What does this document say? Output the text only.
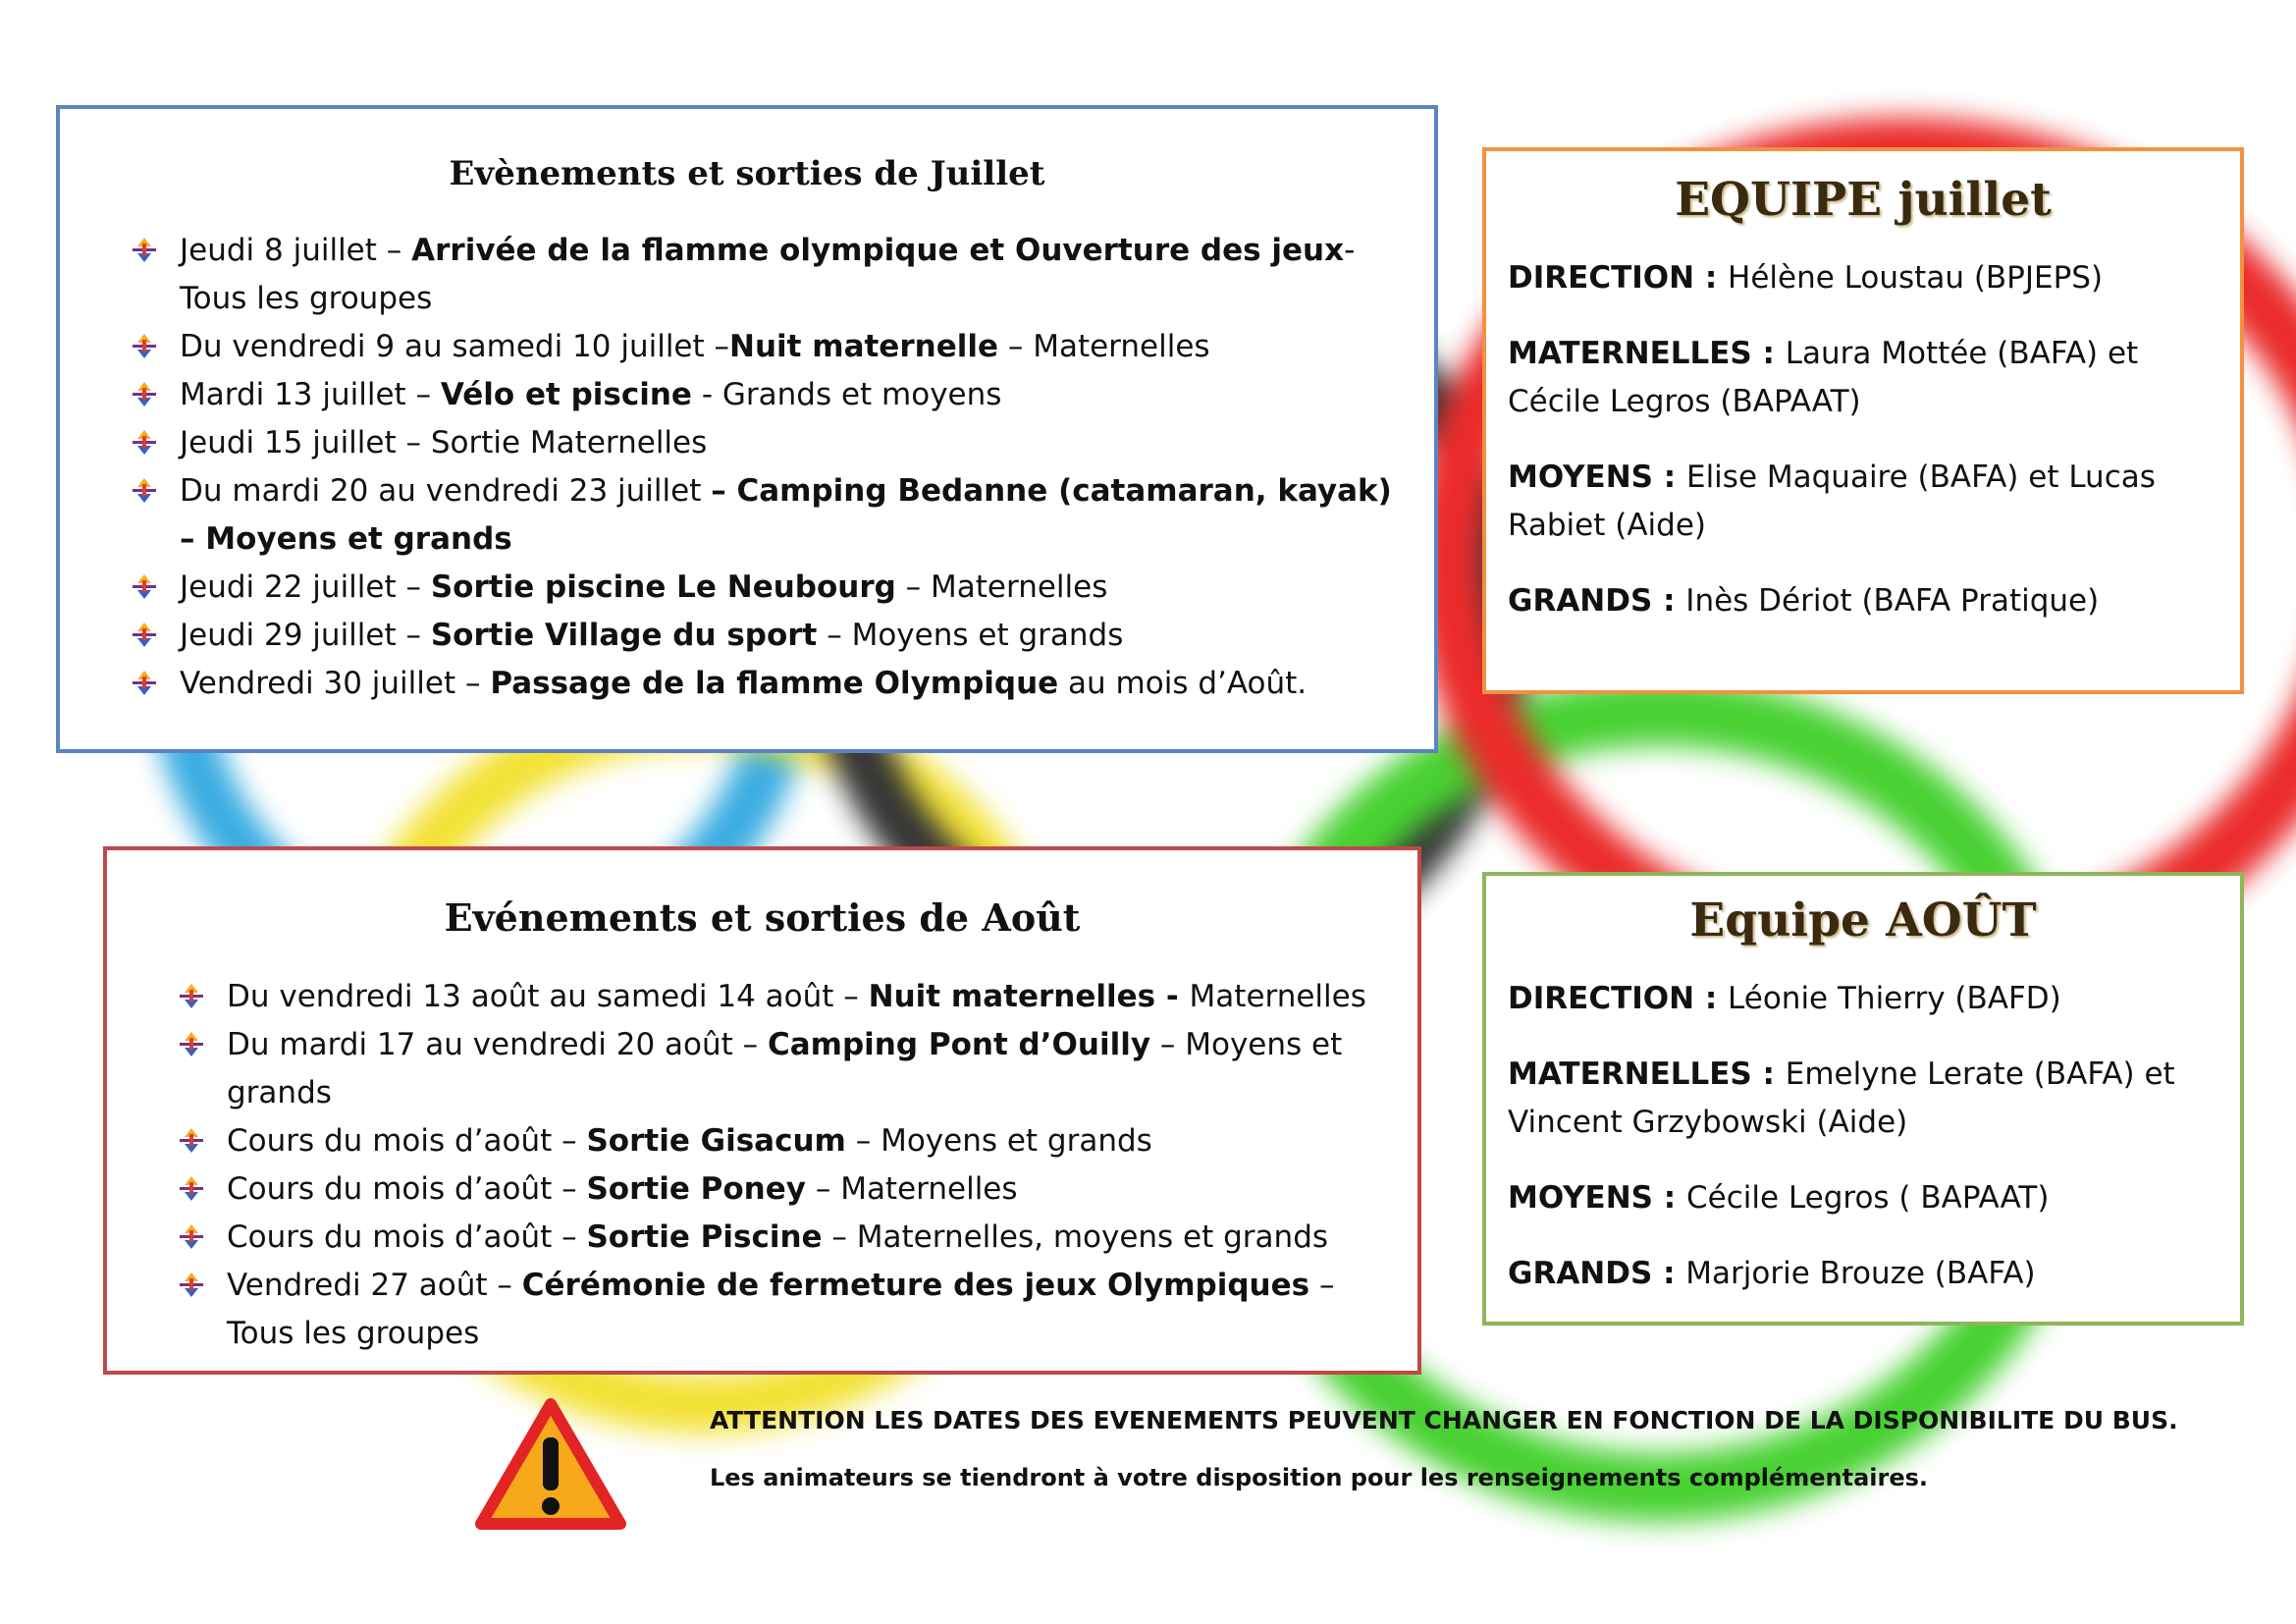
Evènements et sorties de Juillet
Jeudi 8 juillet – Arrivée de la flamme olympique et Ouverture des jeux- Tous les groupes
Du vendredi 9 au samedi 10 juillet –Nuit maternelle – Maternelles
Mardi 13 juillet – Vélo et piscine - Grands et moyens
Jeudi 15 juillet – Sortie Maternelles
Du mardi 20 au vendredi 23 juillet – Camping Bedanne (catamaran, kayak) – Moyens et grands
Jeudi 22 juillet – Sortie piscine Le Neubourg – Maternelles
Jeudi 29 juillet – Sortie Village du sport – Moyens et grands
Vendredi 30 juillet – Passage de la flamme Olympique au mois d’Août.
Evénements et sorties de Août
Du vendredi 13 août au samedi 14 août – Nuit maternelles - Maternelles
Du mardi 17 au vendredi 20 août – Camping Pont d’Ouilly – Moyens et grands
Cours du mois d’août – Sortie Gisacum – Moyens et grands
Cours du mois d’août – Sortie Poney – Maternelles
Cours du mois d’août – Sortie Piscine – Maternelles, moyens et grands
Vendredi 27 août – Cérémonie de fermeture des jeux Olympiques – Tous les groupes
EQUIPE juillet
DIRECTION : Hélène Loustau (BPJEPS)
MATERNELLES : Laura Mottée (BAFA) et Cécile Legros (BAPAAT)
MOYENS : Elise Maquaire (BAFA) et Lucas Rabiet (Aide)
GRANDS : Inès Dériot (BAFA Pratique)
Equipe AOÛT
DIRECTION : Léonie Thierry (BAFD)
MATERNELLES : Emelyne Lerate (BAFA) et Vincent Grzybowski (Aide)
MOYENS : Cécile Legros ( BAPAAT)
GRANDS : Marjorie Brouze (BAFA)

ATTENTION LES DATES DES EVENEMENTS PEUVENT CHANGER EN FONCTION DE LA DISPONIBILITE DU BUS.

Les animateurs se tiendront à votre disposition pour les renseignements complémentaires.
